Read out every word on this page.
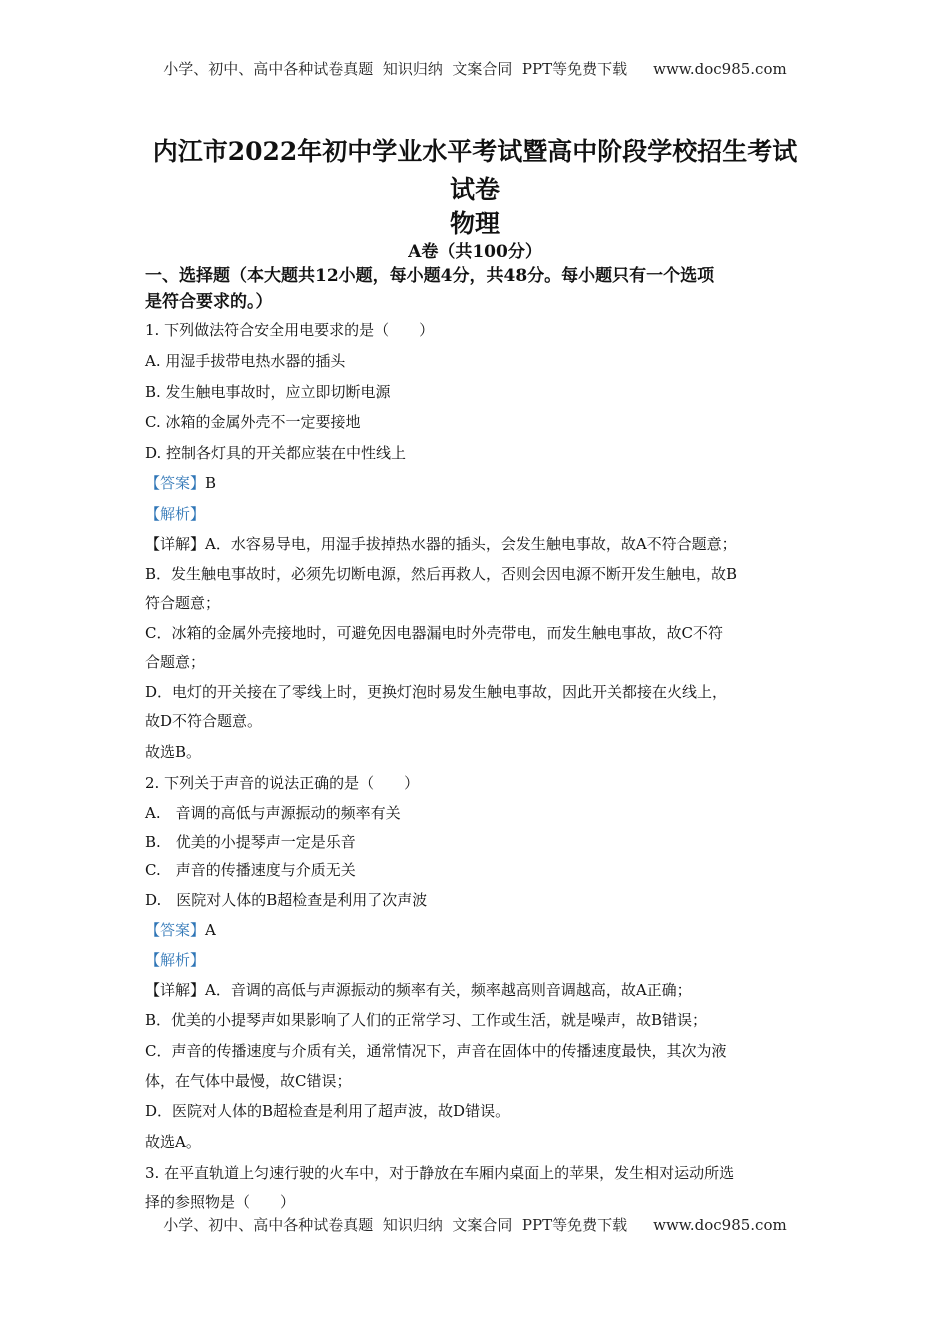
小学、初中、高中各种试卷真题  知识归纳  文案合同  PPT等免费下载 www.doc985.com
内江市2022年初中学业水平考试暨高中阶段学校招生考试
试卷
物理
A卷（共100分）
一、选择题（本大题共12小题，每小题4分，共48分。每小题只有一个选项
是符合要求的。）
1. 下列做法符合安全用电要求的是（　　）
A. 用湿手拔带电热水器的插头
B. 发生触电事故时，应立即切断电源
C. 冰箱的金属外壳不一定要接地
D. 控制各灯具的开关都应装在中性线上
【答案】B
【解析】
【详解】A．水容易导电，用湿手拔掉热水器的插头，会发生触电事故，故A不符合题意；
B．发生触电事故时，必须先切断电源，然后再救人，否则会因电源不断开发生触电，故B
符合题意；
C．冰箱的金属外壳接地时，可避免因电器漏电时外壳带电，而发生触电事故，故C不符
合题意；
D．电灯的开关接在了零线上时，更换灯泡时易发生触电事故，因此开关都接在火线上，
故D不符合题意。
故选B。
2. 下列关于声音的说法正确的是（　　）
A.　音调的高低与声源振动的频率有关
B.　优美的小提琴声一定是乐音
C.　声音的传播速度与介质无关
D.　医院对人体的B超检查是利用了次声波
【答案】A
【解析】
【详解】A．音调的高低与声源振动的频率有关，频率越高则音调越高，故A正确；
B．优美的小提琴声如果影响了人们的正常学习、工作或生活，就是噪声，故B错误；
C．声音的传播速度与介质有关，通常情况下，声音在固体中的传播速度最快，其次为液
体，在气体中最慢，故C错误；
D．医院对人体的B超检查是利用了超声波，故D错误。
故选A。
3. 在平直轨道上匀速行驶的火车中，对于静放在车厢内桌面上的苹果，发生相对运动所选
择的参照物是（　　）
小学、初中、高中各种试卷真题  知识归纳  文案合同  PPT等免费下载 www.doc985.com
